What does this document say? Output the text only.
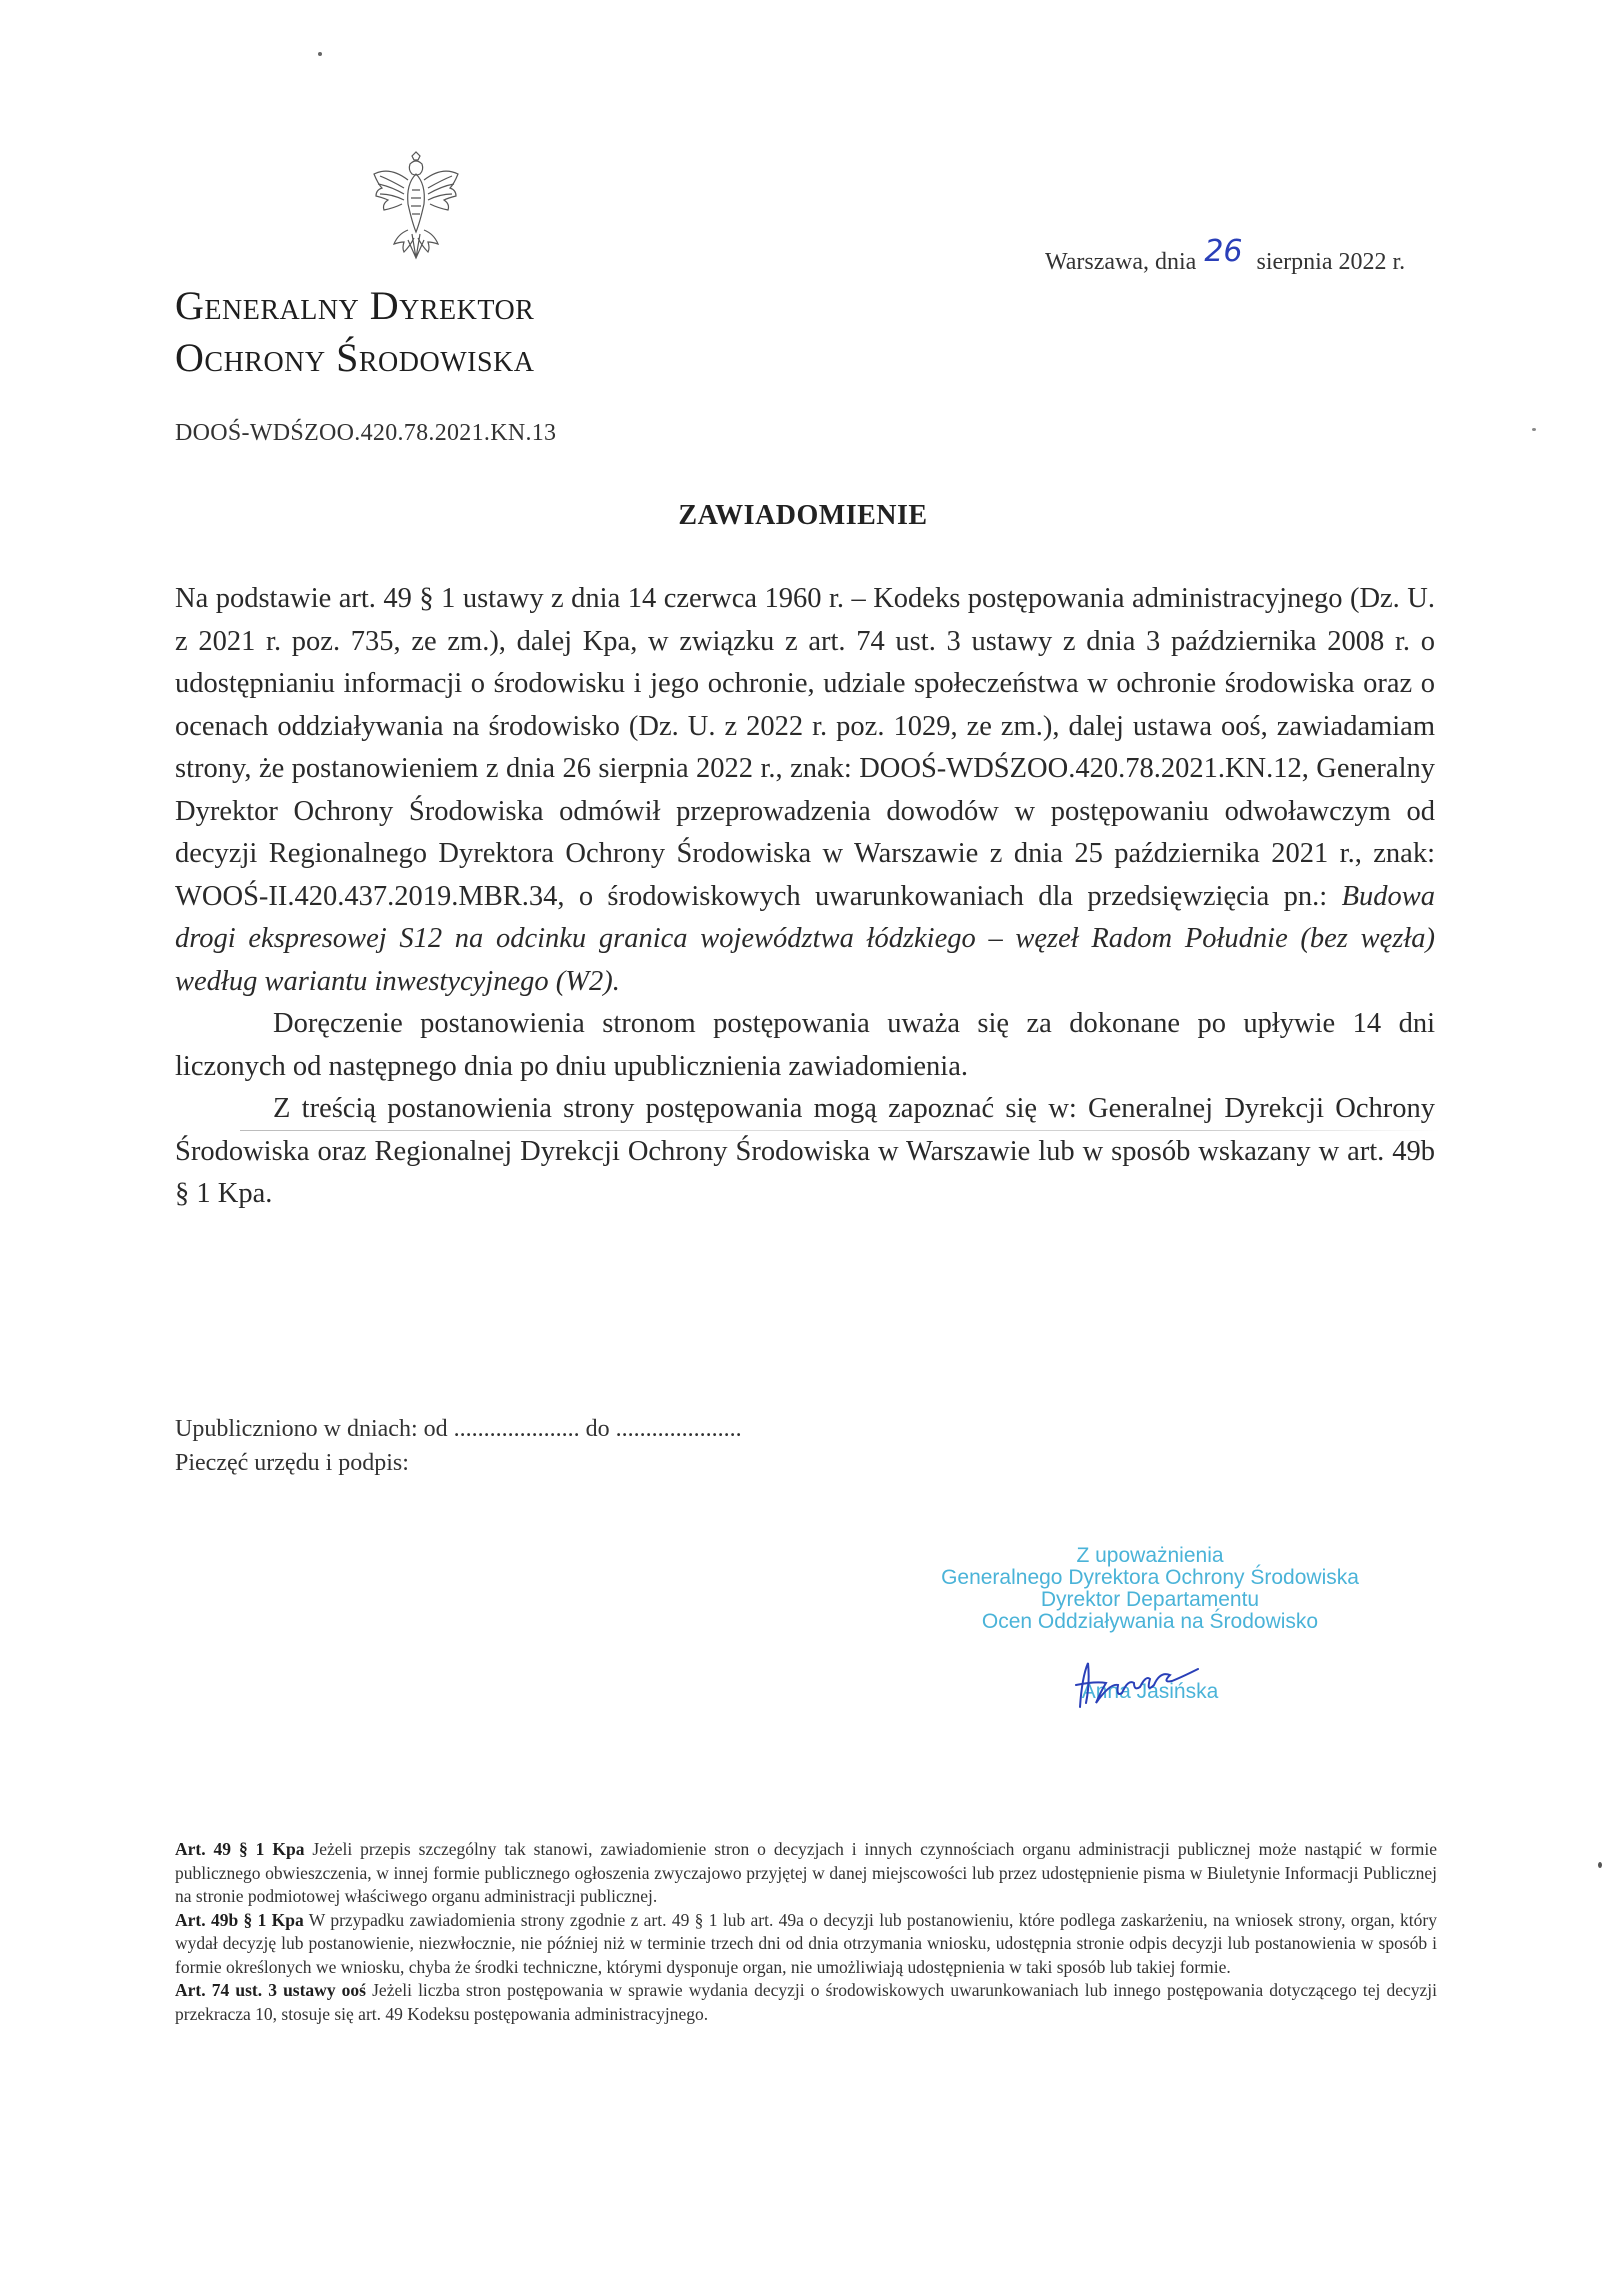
Generalny Dyrektor
Ochrony Środowiska
Warszawa, dnia 26 sierpnia 2022 r.
DOOŚ-WDŚZOO.420.78.2021.KN.13
ZAWIADOMIENIE

Na podstawie art. 49 § 1 ustawy z dnia 14 czerwca 1960 r. – Kodeks postępowania administracyjnego (Dz. U. z 2021 r. poz. 735, ze zm.), dalej Kpa, w związku z art. 74 ust. 3 ustawy z dnia 3 października 2008 r. o udostępnianiu informacji o środowisku i jego ochronie, udziale społeczeństwa w ochronie środowiska oraz o ocenach oddziaływania na środowisko (Dz. U. z 2022 r. poz. 1029, ze zm.), dalej ustawa ooś, zawiadamiam strony, że postanowieniem z dnia 26 sierpnia 2022 r., znak: DOOŚ-WDŚZOO.420.78.2021.KN.12, Generalny Dyrektor Ochrony Środowiska odmówił przeprowadzenia dowodów w postępowaniu odwoławczym od decyzji Regionalnego Dyrektora Ochrony Środowiska w Warszawie z dnia 25 października 2021 r., znak: WOOŚ-II.420.437.2019.MBR.34, o środowiskowych uwarunkowaniach dla przedsięwzięcia pn.: Budowa drogi ekspresowej S12 na odcinku granica województwa łódzkiego – węzeł Radom Południe (bez węzła) według wariantu inwestycyjnego (W2).

Doręczenie postanowienia stronom postępowania uważa się za dokonane po upływie 14 dni liczonych od następnego dnia po dniu upublicznienia zawiadomienia.

Z treścią postanowienia strony postępowania mogą zapoznać się w: Generalnej Dyrekcji Ochrony Środowiska oraz Regionalnej Dyrekcji Ochrony Środowiska w Warszawie lub w sposób wskazany w art. 49b § 1 Kpa.

Upubliczniono w dniach: od ..................... do .....................
Pieczęć urzędu i podpis:
Z upoważnienia
Generalnego Dyrektora Ochrony Środowiska
Dyrektor Departamentu
Ocen Oddziaływania na Środowisko
Anna Jasińska

Art. 49 § 1 Kpa Jeżeli przepis szczególny tak stanowi, zawiadomienie stron o decyzjach i innych czynnościach organu administracji publicznej może nastąpić w formie publicznego obwieszczenia, w innej formie publicznego ogłoszenia zwyczajowo przyjętej w danej miejscowości lub przez udostępnienie pisma w Biuletynie Informacji Publicznej na stronie podmiotowej właściwego organu administracji publicznej.

Art. 49b § 1 Kpa W przypadku zawiadomienia strony zgodnie z art. 49 § 1 lub art. 49a o decyzji lub postanowieniu, które podlega zaskarżeniu, na wniosek strony, organ, który wydał decyzję lub postanowienie, niezwłocznie, nie później niż w terminie trzech dni od dnia otrzymania wniosku, udostępnia stronie odpis decyzji lub postanowienia w sposób i formie określonych we wniosku, chyba że środki techniczne, którymi dysponuje organ, nie umożliwiają udostępnienia w taki sposób lub takiej formie.

Art. 74 ust. 3 ustawy ooś Jeżeli liczba stron postępowania w sprawie wydania decyzji o środowiskowych uwarunkowaniach lub innego postępowania dotyczącego tej decyzji przekracza 10, stosuje się art. 49 Kodeksu postępowania administracyjnego.
